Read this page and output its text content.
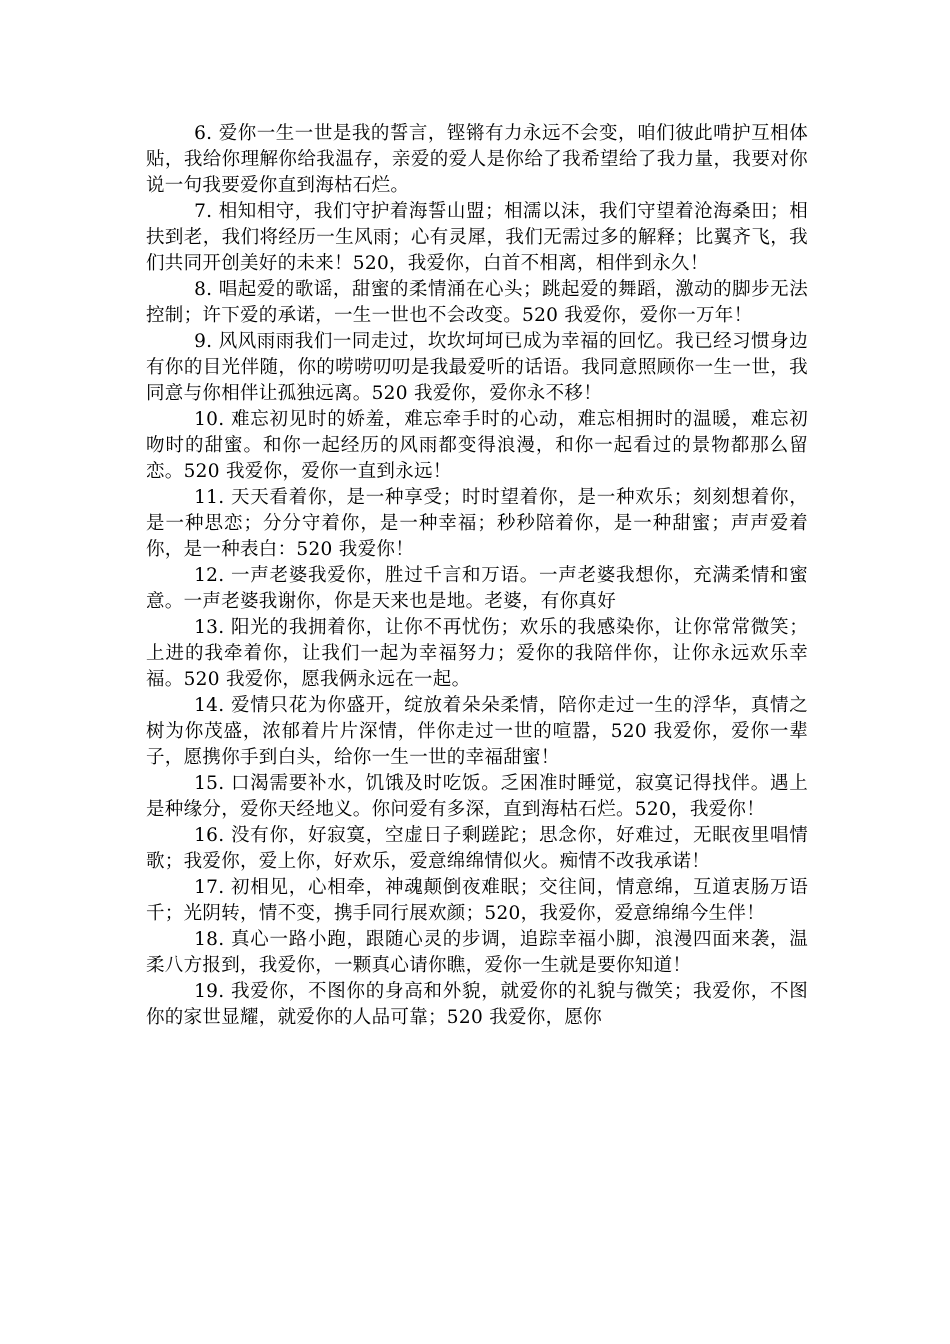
6. 爱你一生一世是我的誓言，铿锵有力永远不会变，咱们彼此啃护互相体贴，我给你理解你给我温存，亲爱的爱人是你给了我希望给了我力量，我要对你说一句我要爱你直到海枯石烂。

7. 相知相守，我们守护着海誓山盟；相濡以沫，我们守望着沧海桑田；相扶到老，我们将经历一生风雨；心有灵犀，我们无需过多的解释；比翼齐飞，我们共同开创美好的未来！520，我爱你，白首不相离，相伴到永久！

8. 唱起爱的歌谣，甜蜜的柔情涌在心头；跳起爱的舞蹈，激动的脚步无法控制；许下爱的承诺，一生一世也不会改变。520 我爱你，爱你一万年！

9. 风风雨雨我们一同走过，坎坎坷坷已成为幸福的回忆。我已经习惯身边有你的目光伴随，你的唠唠叨叨是我最爱听的话语。我同意照顾你一生一世，我同意与你相伴让孤独远离。520 我爱你，爱你永不移！

10. 难忘初见时的娇羞，难忘牵手时的心动，难忘相拥时的温暖，难忘初吻时的甜蜜。和你一起经历的风雨都变得浪漫，和你一起看过的景物都那么留恋。520 我爱你，爱你一直到永远！

11. 天天看着你，是一种享受；时时望着你，是一种欢乐；刻刻想着你，是一种思恋；分分守着你，是一种幸福；秒秒陪着你，是一种甜蜜；声声爱着你，是一种表白：520 我爱你！

12. 一声老婆我爱你，胜过千言和万语。一声老婆我想你，充满柔情和蜜意。一声老婆我谢你，你是天来也是地。老婆，有你真好

13. 阳光的我拥着你，让你不再忧伤；欢乐的我感染你，让你常常微笑；上进的我牵着你，让我们一起为幸福努力；爱你的我陪伴你，让你永远欢乐幸福。520 我爱你，愿我俩永远在一起。

14. 爱情只花为你盛开，绽放着朵朵柔情，陪你走过一生的浮华，真情之树为你茂盛，浓郁着片片深情，伴你走过一世的喧嚣，520 我爱你，爱你一辈子，愿携你手到白头，给你一生一世的幸福甜蜜！

15. 口渴需要补水，饥饿及时吃饭。乏困准时睡觉，寂寞记得找伴。遇上是种缘分，爱你天经地义。你问爱有多深，直到海枯石烂。520，我爱你！

16. 没有你，好寂寞，空虚日子剩蹉跎；思念你，好难过，无眠夜里唱情歌；我爱你，爱上你，好欢乐，爱意绵绵情似火。痴情不改我承诺！

17. 初相见，心相牵，神魂颠倒夜难眠；交往间，情意绵，互道衷肠万语千；光阴转，情不变，携手同行展欢颜；520，我爱你，爱意绵绵今生伴！

18. 真心一路小跑，跟随心灵的步调，追踪幸福小脚，浪漫四面来袭，温柔八方报到，我爱你，一颗真心请你瞧，爱你一生就是要你知道！

19. 我爱你，不图你的身高和外貌，就爱你的礼貌与微笑；我爱你，不图你的家世显耀，就爱你的人品可靠；520 我爱你，愿你
